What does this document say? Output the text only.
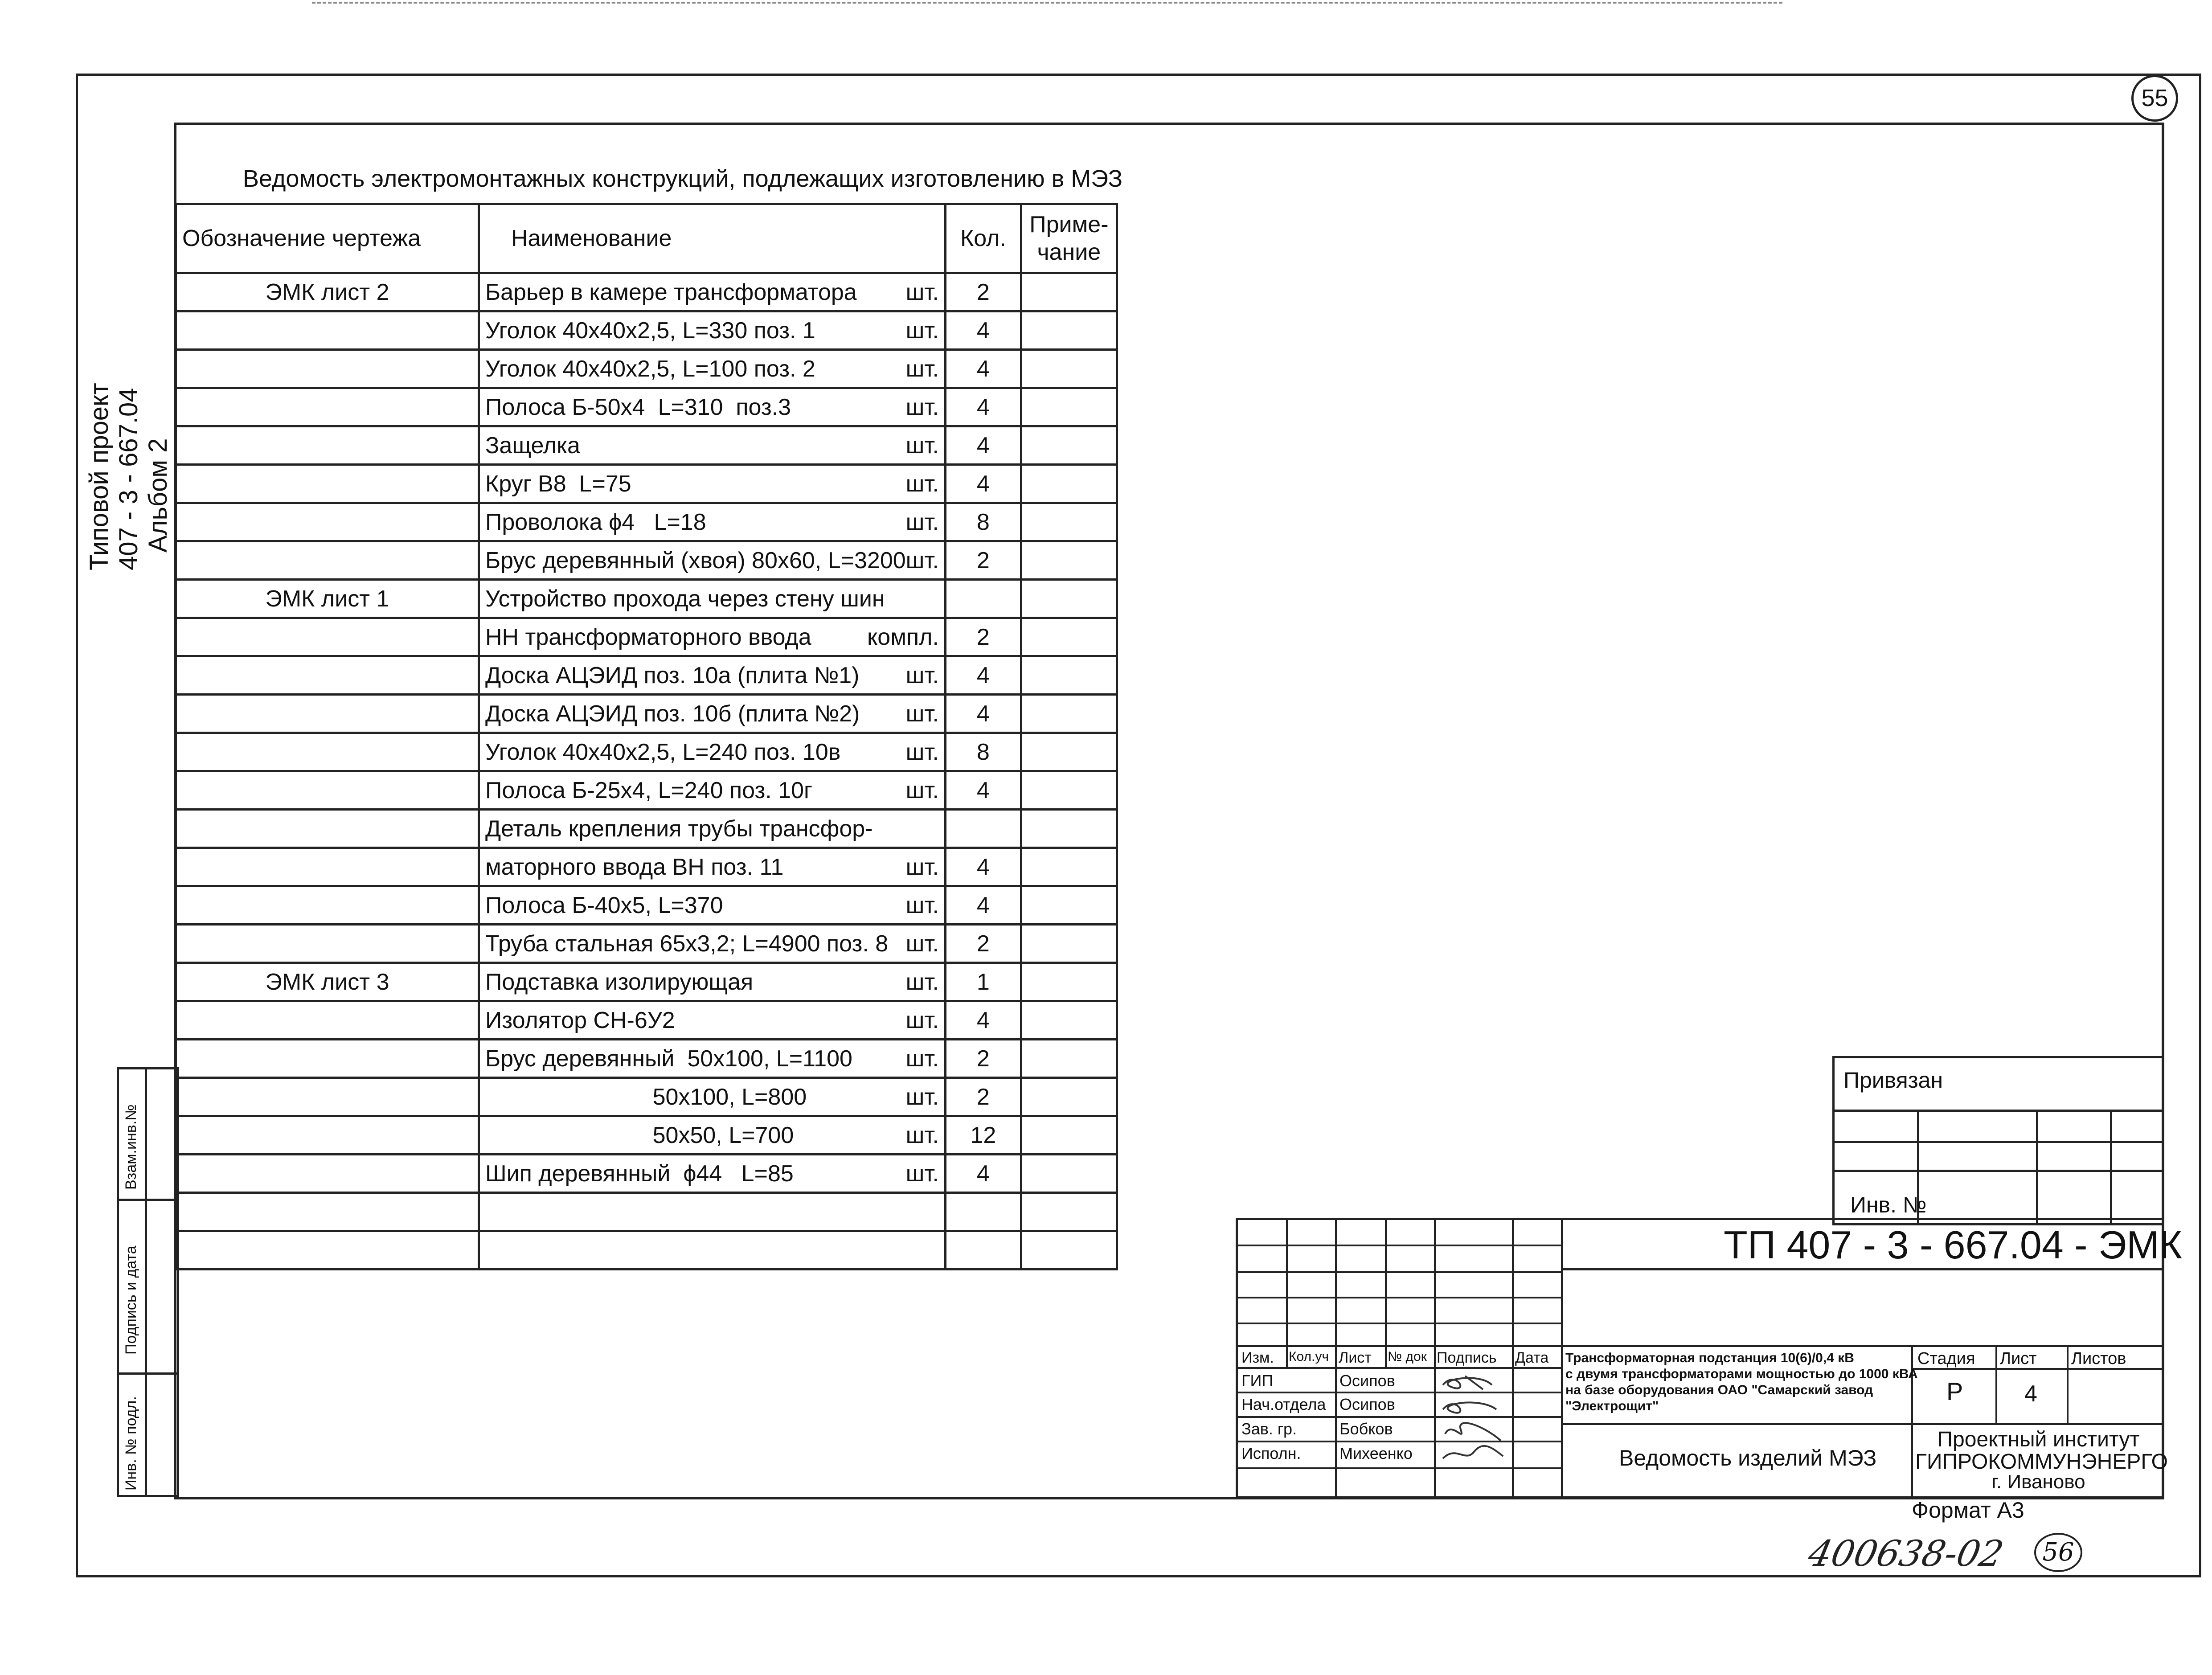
55
Типовой проект 407 - 3 - 667.04 Альбом 2
Взам.инв.№
Подпись и дата
Инв. № подл.
Ведомость электромонтажных конструкций, подлежащих изготовлению в МЭЗ
Обозначение чертежа	Наименование	Кол.	Приме-
чание

ЭМК лист 2	Барьер в камере трансформатора шт.	2	

	Уголок 40х40х2,5, L=330 поз. 1 шт.	4	

	Уголок 40х40х2,5, L=100 поз. 2 шт.	4	

	Полоса Б-50х4  L=310  поз.3 шт.	4	

	Защелка шт.	4	

	Круг В8  L=75 шт.	4	

	Проволока ϕ4   L=18 шт.	8	

	Брус деревянный (хвоя) 80х60, L=3200 шт.	2	
ЭМК лист 1	Устройство прохода через стену шин		

	НН трансформаторного ввода компл.	2	

	Доска АЦЭИД поз. 10а (плита №1) шт.	4	

	Доска АЦЭИД поз. 10б (плита №2) шт.	4	

	Уголок 40х40х2,5, L=240 поз. 10в шт.	8	

	Полоса Б-25х4, L=240 поз. 10г шт.	4	

	Деталь крепления трубы трансфор-		

	маторного ввода ВН поз. 11 шт.	4	

	Полоса Б-40х5, L=370 шт.	4	

	Труба стальная 65х3,2; L=4900 поз. 8 шт.	2	
ЭМК лист 3	Подставка изолирующая шт.	1	

	Изолятор СН-6У2 шт.	4	

	Брус деревянный  50х100, L=1100 шт.	2	

	50х100, L=800 шт.	2	

	50х50, L=700 шт.	12	

	Шип деревянный  ϕ44   L=85 шт.	4	

Привязан
Инв. №
Изм. Кол.уч Лист № док Подпись Дата
ГИП	Осипов
Нач.отдела Осипов
Зав. гр.	Бобков
Исполн. Михеенко
ТП 407 - 3 - 667.04 - ЭМК
Трансформаторная подстанция 10(6)/0,4 кВ
с двумя трансформаторами мощностью до 1000 кВА
на базе оборудования ОАО "Самарский завод
"Электрощит"
Стадия Лист Листов
Р	4
Ведомость изделий МЭЗ
Проектный институт
ГИПРОКОММУНЭНЕРГО
г. Иваново
Формат А3
400638-02	56
